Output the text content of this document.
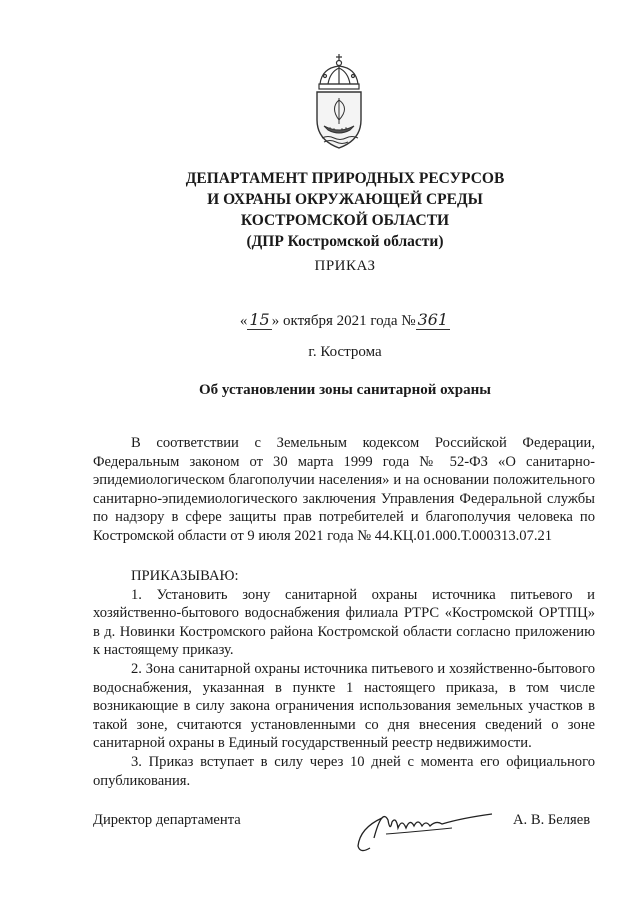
ДЕПАРТАМЕНТ ПРИРОДНЫХ РЕСУРСОВ
И ОХРАНЫ ОКРУЖАЮЩЕЙ СРЕДЫ
КОСТРОМСКОЙ ОБЛАСТИ
(ДПР Костромской области)
ПРИКАЗ
« 15 » октября 2021 года № 361
г. Кострома
Об установлении зоны санитарной охраны

В соответствии с Земельным кодексом Российской Федерации, Федеральным законом от 30 марта 1999 года № 52-ФЗ «О санитарно-эпидемиологическом благополучии населения» и на основании положительного санитарно-эпидемиологического заключения Управления Федеральной службы по надзору в сфере защиты прав потребителей и благополучия человека по Костромской области от 9 июля 2021 года № 44.КЦ.01.000.Т.000313.07.21

ПРИКАЗЫВАЮ:

1. Установить зону санитарной охраны источника питьевого и хозяйственно-бытового водоснабжения филиала РТРС «Костромской ОРТПЦ» в д. Новинки Костромского района Костромской области согласно приложению к настоящему приказу.

2. Зона санитарной охраны источника питьевого и хозяйственно-бытового водоснабжения, указанная в пункте 1 настоящего приказа, в том числе возникающие в силу закона ограничения использования земельных участков в такой зоне, считаются установленными со дня внесения сведений о зоне санитарной охраны в Единый государственный реестр недвижимости.

3. Приказ вступает в силу через 10 дней с момента его официального опубликования.

Директор департамента	А. В. Беляев
